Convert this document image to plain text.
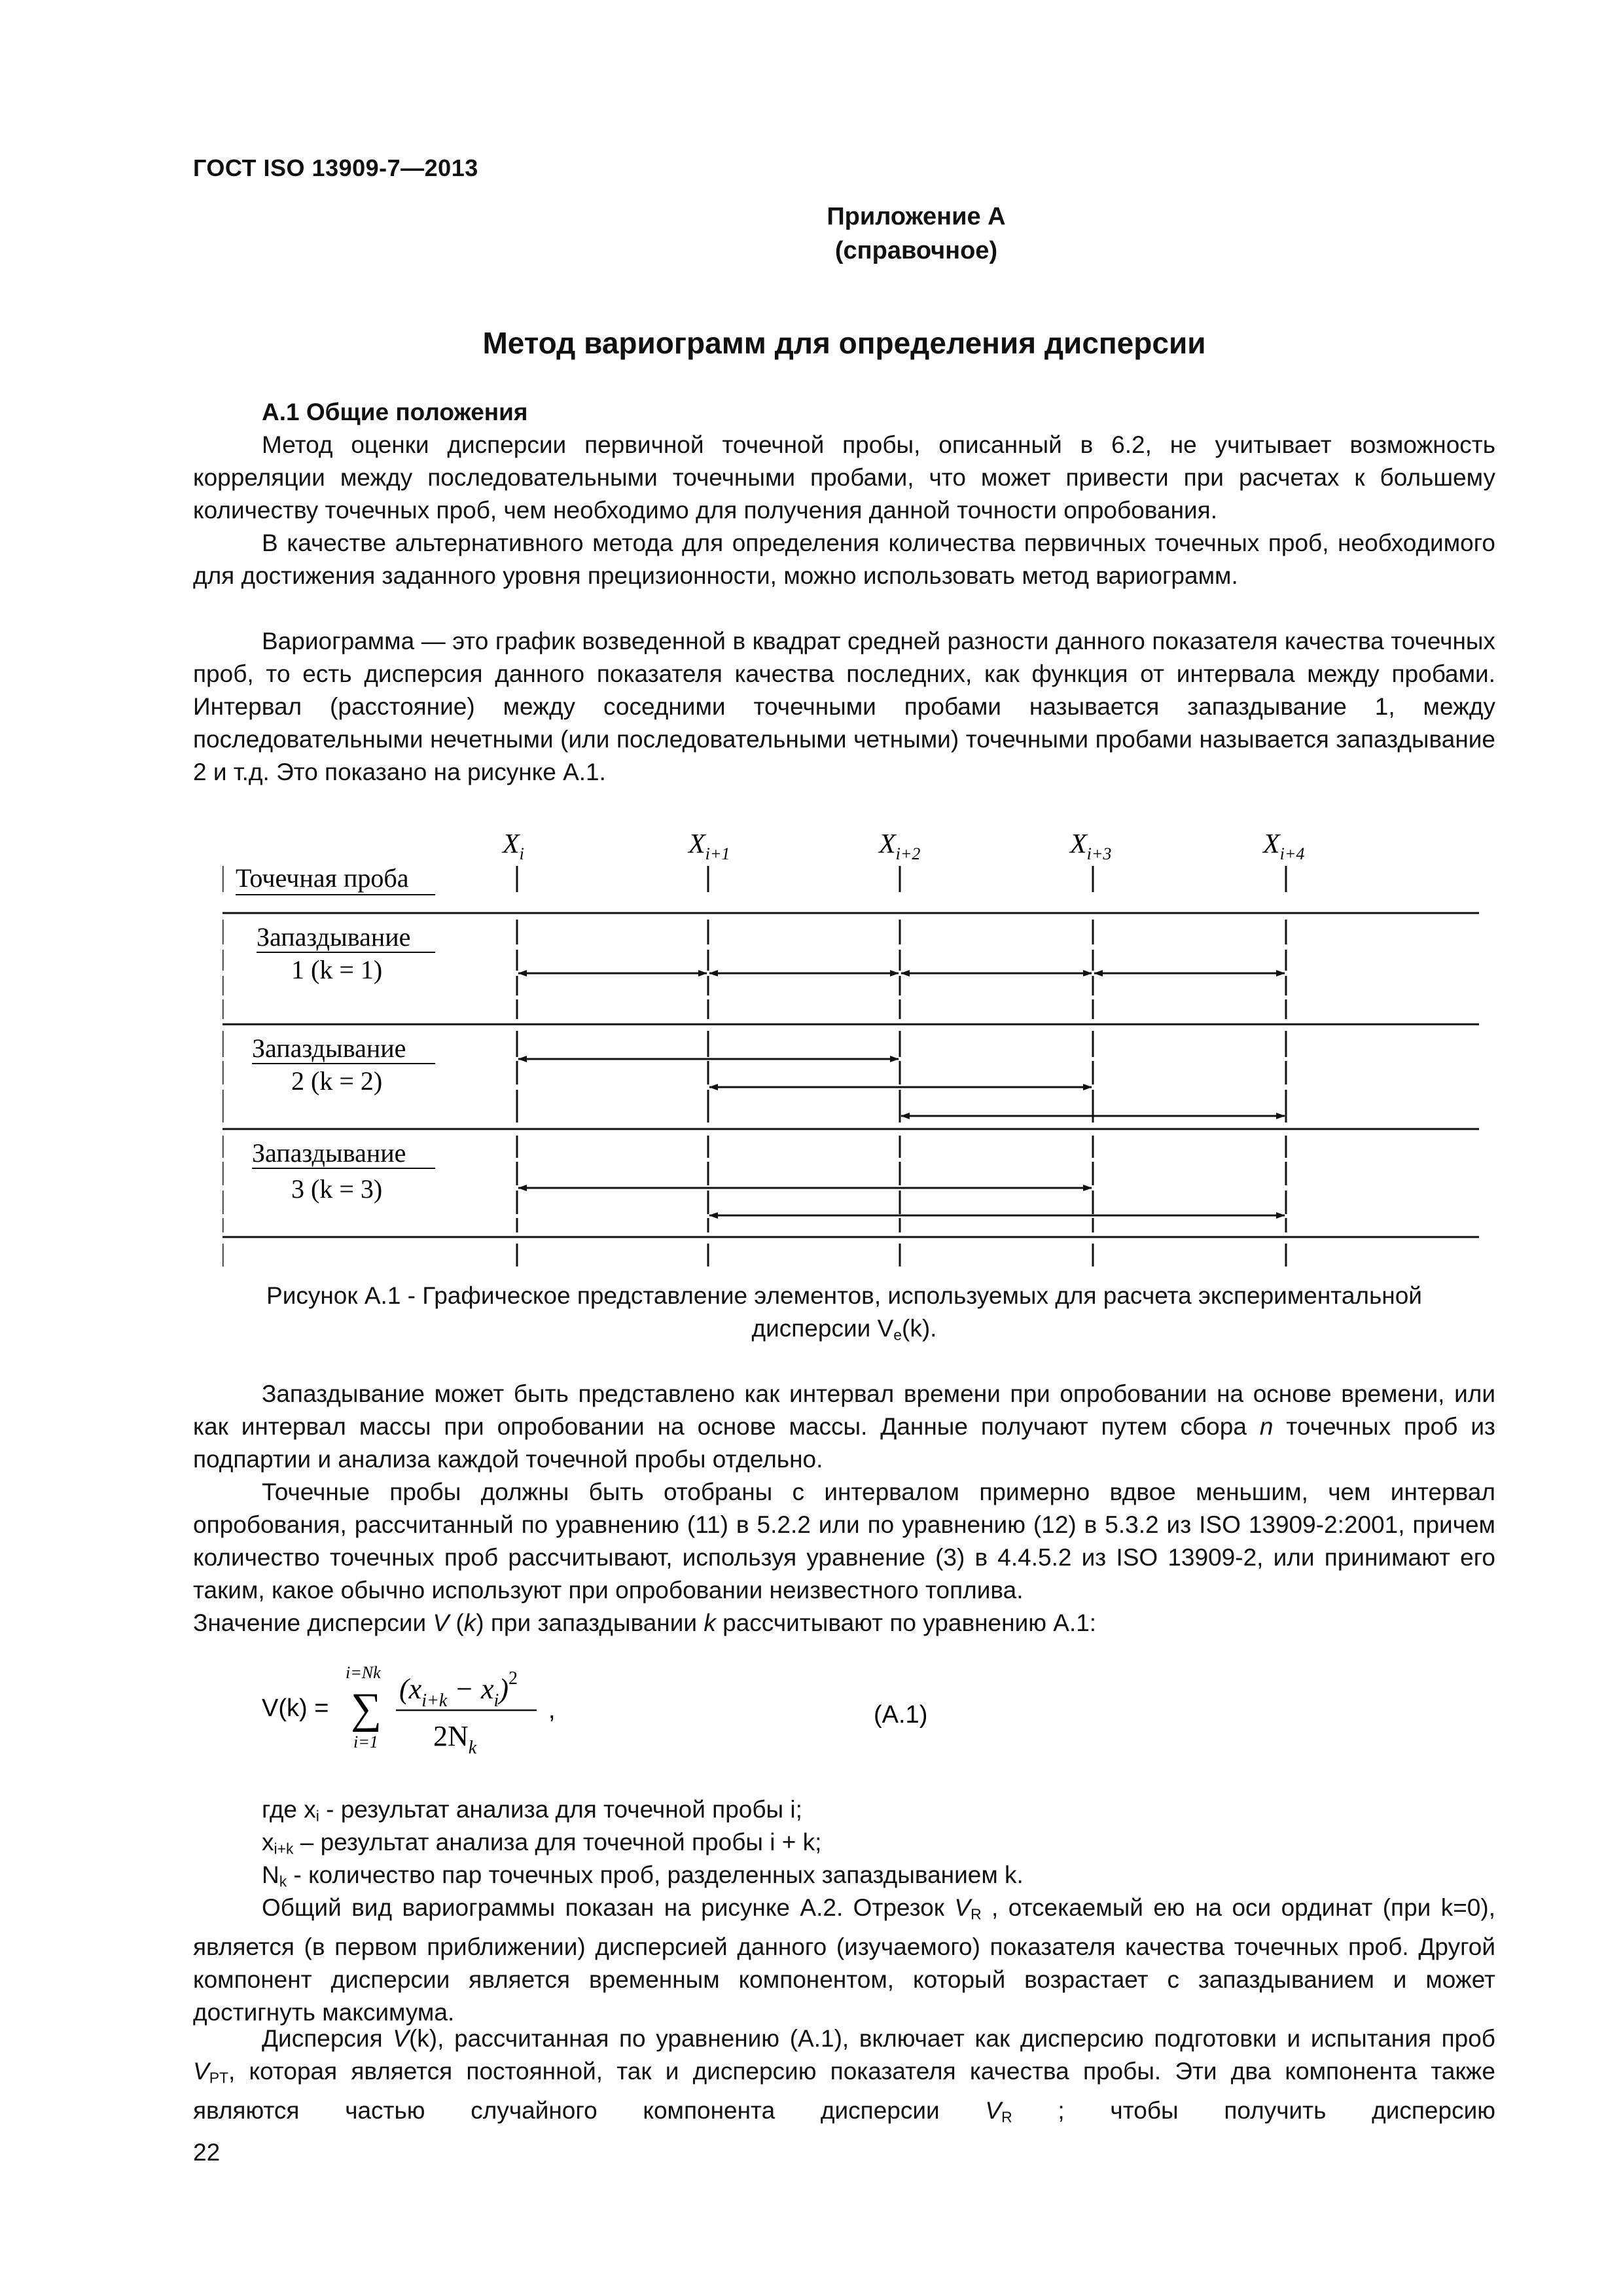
ГОСТ ISO 13909-7—2013
Приложение А
(справочное)
Метод вариограмм для определения дисперсии

А.1 Общие положения

Метод оценки дисперсии первичной точечной пробы, описанный в 6.2, не учитывает возможность корреляции между последовательными точечными пробами, что может привести при расчетах к большему количеству точечных проб, чем необходимо для получения данной точности опробования.

В качестве альтернативного метода для определения количества первичных точечных проб, необходимого для достижения заданного уровня прецизионности, можно использовать метод вариограмм.

Вариограмма — это график возведенной в квадрат средней разности данного показателя качества точечных проб, то есть дисперсия данного показателя качества последних, как функция от интервала между пробами. Интервал (расстояние) между соседними точечными пробами называется запаздывание 1, между последовательными нечетными (или последовательными четными) точечными пробами называется запаздывание 2 и т.д. Это показано на рисунке А.1.

$X_i$	$X_{i+1}$	$X_{i+2}$	$X_{i+3}$	$X_{i+4}$
Точечная проба
Запаздывание
1 (k = 1)
Запаздывание
2 (k = 2)
Запаздывание
3 (k = 3)
Рисунок А.1 - Графическое представление элементов, используемых для расчета экспериментальной
дисперсии $V_e(k)$.

Запаздывание может быть представлено как интервал времени при опробовании на основе времени, или как интервал массы при опробовании на основе массы. Данные получают путем сбора n точечных проб из подпартии и анализа каждой точечной пробы отдельно.

Точечные пробы должны быть отобраны с интервалом примерно вдвое меньшим, чем интервал опробования, рассчитанный по уравнению (11) в 5.2.2 или по уравнению (12) в 5.3.2 из ISO 13909-2:2001, причем количество точечных проб рассчитывают, используя уравнение (3) в 4.4.5.2 из ISO 13909-2, или принимают его таким, какое обычно используют при опробовании неизвестного топлива.

Значение дисперсии V (k) при запаздывании k рассчитывают по уравнению А.1:

V(k) =
i=Nk
∑
i=1
$(x_{i+k} - x_i)^2$
$2N_k$
,	(А.1)

где $x_i$ - результат анализа для точечной пробы i;

$x_{i+k}$ – результат анализа для точечной пробы i + k;

$N_k$ - количество пар точечных проб, разделенных запаздыванием k.

Общий вид вариограммы показан на рисунке А.2. Отрезок $V_R$ , отсекаемый ею на оси ординат (при k=0), является (в первом приближении) дисперсией данного (изучаемого) показателя качества точечных проб. Другой компонент дисперсии является временным компонентом, который возрастает с запаздыванием и может достигнуть максимума.

Дисперсия V(k), рассчитанная по уравнению (А.1), включает как дисперсию подготовки и испытания проб $V_{PT}$, которая является постоянной, так и дисперсию показателя качества пробы. Эти два компонента также являются частью случайного компонента дисперсии $V_R$ ; чтобы получить дисперсию

22
